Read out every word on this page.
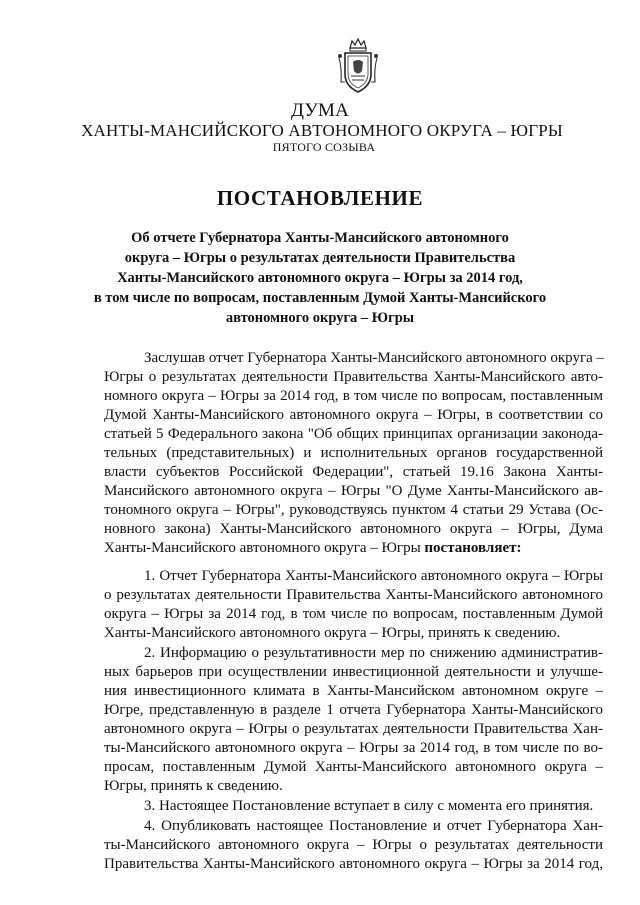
ДУМА
ХАНТЫ-МАНСИЙСКОГО АВТОНОМНОГО ОКРУГА – ЮГРЫ
ПЯТОГО СОЗЫВА
ПОСТАНОВЛЕНИЕ
Об отчете Губернатора Ханты-Мансийского автономного
округа – Югры о результатах деятельности Правительства
Ханты-Мансийского автономного округа – Югры за 2014 год,
в том числе по вопросам, поставленным Думой Ханты-Мансийского
автономного округа – Югры
Заслушав отчет Губернатора Ханты-Мансийского автономного округа –
Югры о результатах деятельности Правительства Ханты-Мансийского авто-
номного округа – Югры за 2014 год, в том числе по вопросам, поставленным
Думой Ханты-Мансийского автономного округа – Югры, в соответствии со
статьей 5 Федерального закона "Об общих принципах организации законода-
тельных (представительных) и исполнительных органов государственной
власти субъектов Российской Федерации", статьей 19.16 Закона Ханты-
Мансийского автономного округа – Югры "О Думе Ханты-Мансийского ав-
тономного округа – Югры", руководствуясь пунктом 4 статьи 29 Устава (Ос-
новного закона) Ханты-Мансийского автономного округа – Югры, Дума
Ханты-Мансийского автономного округа – Югры постановляет:
1. Отчет Губернатора Ханты-Мансийского автономного округа – Югры
о результатах деятельности Правительства Ханты-Мансийского автономного
округа – Югры за 2014 год, в том числе по вопросам, поставленным Думой
Ханты-Мансийского автономного округа – Югры, принять к сведению.
2. Информацию о результативности мер по снижению административ-
ных барьеров при осуществлении инвестиционной деятельности и улучше-
ния инвестиционного климата в Ханты-Мансийском автономном округе –
Югре, представленную в разделе 1 отчета Губернатора Ханты-Мансийского
автономного округа – Югры о результатах деятельности Правительства Хан-
ты-Мансийского автономного округа – Югры за 2014 год, в том числе по во-
просам, поставленным Думой Ханты-Мансийского автономного округа –
Югры, принять к сведению.
3. Настоящее Постановление вступает в силу с момента его принятия.
4. Опубликовать настоящее Постановление и отчет Губернатора Хан-
ты-Мансийского автономного округа – Югры о результатах деятельности
Правительства Ханты-Мансийского автономного округа – Югры за 2014 год,
